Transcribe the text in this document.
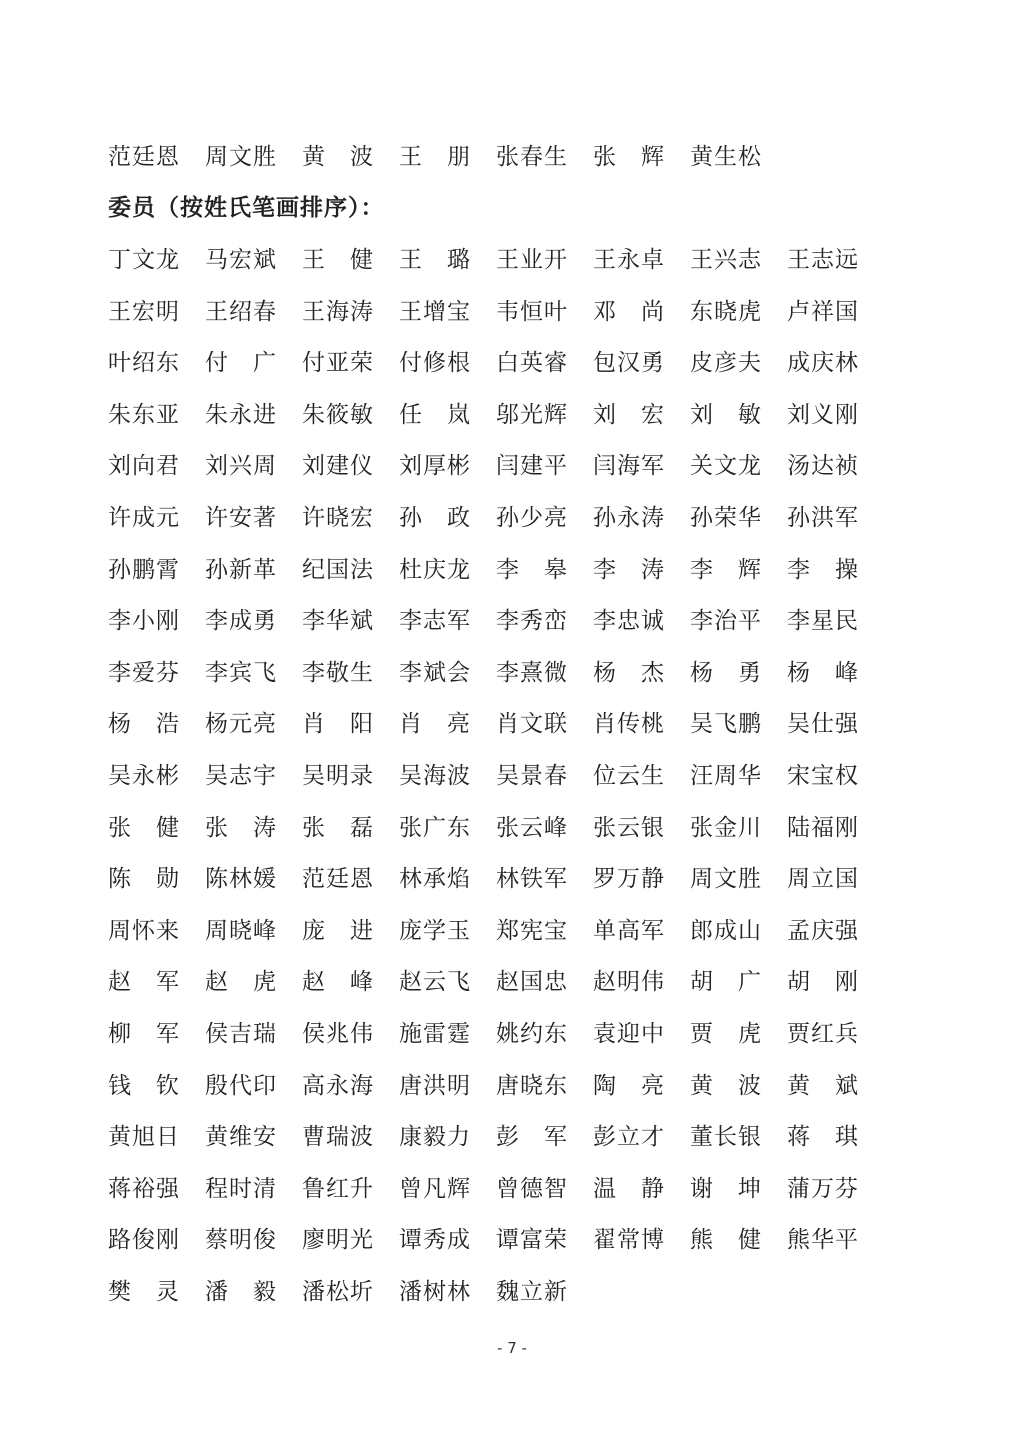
范廷恩	周文胜	黄　波	王　朋	张春生	张　辉	黄生松
委员（按姓氏笔画排序）：
丁文龙	马宏斌	王　健	王　璐	王业开	王永卓	王兴志	王志远
王宏明	王绍春	王海涛	王增宝	韦恒叶	邓　尚	东晓虎	卢祥国
叶绍东	付　广	付亚荣	付修根	白英睿	包汉勇	皮彦夫	成庆林
朱东亚	朱永进	朱筱敏	任　岚	邬光辉	刘　宏	刘　敏	刘义刚
刘向君	刘兴周	刘建仪	刘厚彬	闫建平	闫海军	关文龙	汤达祯
许成元	许安著	许晓宏	孙　政	孙少亮	孙永涛	孙荣华	孙洪军
孙鹏霄	孙新革	纪国法	杜庆龙	李　皋	李　涛	李　辉	李　操
李小刚	李成勇	李华斌	李志军	李秀峦	李忠诚	李治平	李星民
李爱芬	李宾飞	李敬生	李斌会	李熹微	杨　杰	杨　勇	杨　峰
杨　浩	杨元亮	肖　阳	肖　亮	肖文联	肖传桃	吴飞鹏	吴仕强
吴永彬	吴志宇	吴明录	吴海波	吴景春	位云生	汪周华	宋宝权
张　健	张　涛	张　磊	张广东	张云峰	张云银	张金川	陆福刚
陈　勋	陈林媛	范廷恩	林承焰	林铁军	罗万静	周文胜	周立国
周怀来	周晓峰	庞　进	庞学玉	郑宪宝	单高军	郎成山	孟庆强
赵　军	赵　虎	赵　峰	赵云飞	赵国忠	赵明伟	胡　广	胡　刚
柳　军	侯吉瑞	侯兆伟	施雷霆	姚约东	袁迎中	贾　虎	贾红兵
钱　钦	殷代印	高永海	唐洪明	唐晓东	陶　亮	黄　波	黄　斌
黄旭日	黄维安	曹瑞波	康毅力	彭　军	彭立才	董长银	蒋　琪
蒋裕强	程时清	鲁红升	曾凡辉	曾德智	温　静	谢　坤	蒲万芬
路俊刚	蔡明俊	廖明光	谭秀成	谭富荣	翟常博	熊　健	熊华平
樊　灵	潘　毅	潘松圻	潘树林	魏立新
- 7 -
